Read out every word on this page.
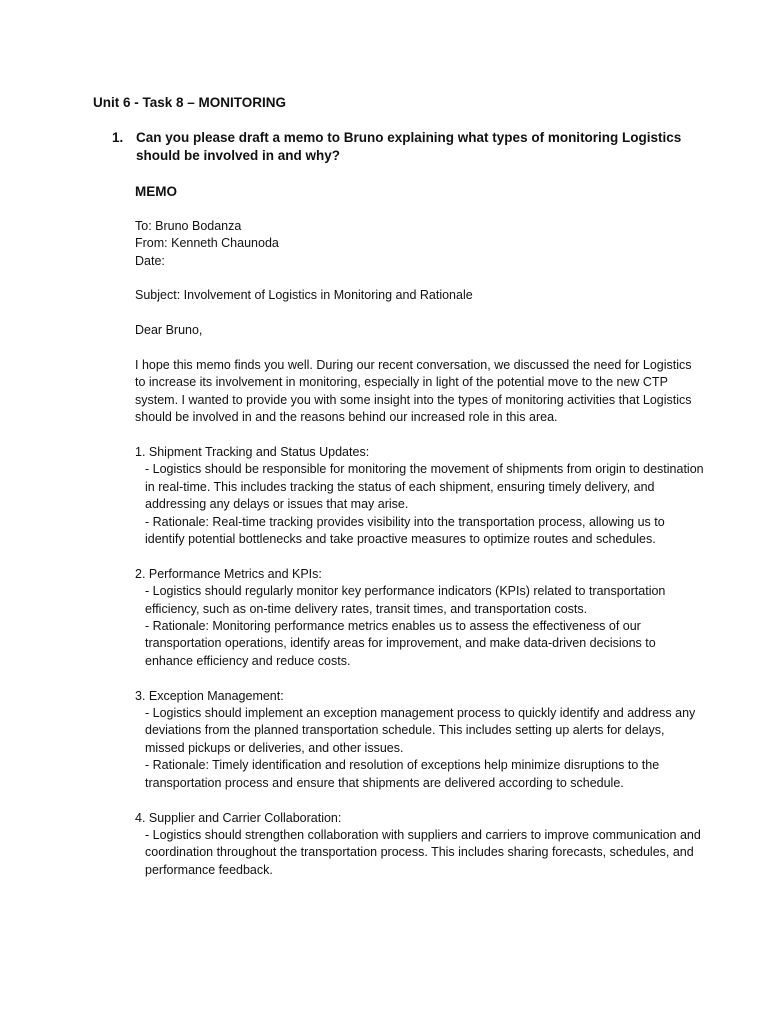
Unit 6 - Task 8 – MONITORING
1. Can you please draft a memo to Bruno explaining what types of monitoring Logistics should be involved in and why?

MEMO

To: Bruno Bodanza
From: Kenneth Chaunoda
Date:

Subject: Involvement of Logistics in Monitoring and Rationale

Dear Bruno,

I hope this memo finds you well. During our recent conversation, we discussed the need for Logistics to increase its involvement in monitoring, especially in light of the potential move to the new CTP system. I wanted to provide you with some insight into the types of monitoring activities that Logistics should be involved in and the reasons behind our increased role in this area.

1. Shipment Tracking and Status Updates:
- Logistics should be responsible for monitoring the movement of shipments from origin to destination in real-time. This includes tracking the status of each shipment, ensuring timely delivery, and addressing any delays or issues that may arise.
- Rationale: Real-time tracking provides visibility into the transportation process, allowing us to identify potential bottlenecks and take proactive measures to optimize routes and schedules.

2. Performance Metrics and KPIs:
- Logistics should regularly monitor key performance indicators (KPIs) related to transportation efficiency, such as on-time delivery rates, transit times, and transportation costs.
- Rationale: Monitoring performance metrics enables us to assess the effectiveness of our transportation operations, identify areas for improvement, and make data-driven decisions to enhance efficiency and reduce costs.

3. Exception Management:
- Logistics should implement an exception management process to quickly identify and address any deviations from the planned transportation schedule. This includes setting up alerts for delays, missed pickups or deliveries, and other issues.
- Rationale: Timely identification and resolution of exceptions help minimize disruptions to the transportation process and ensure that shipments are delivered according to schedule.

4. Supplier and Carrier Collaboration:
- Logistics should strengthen collaboration with suppliers and carriers to improve communication and coordination throughout the transportation process. This includes sharing forecasts, schedules, and performance feedback.
